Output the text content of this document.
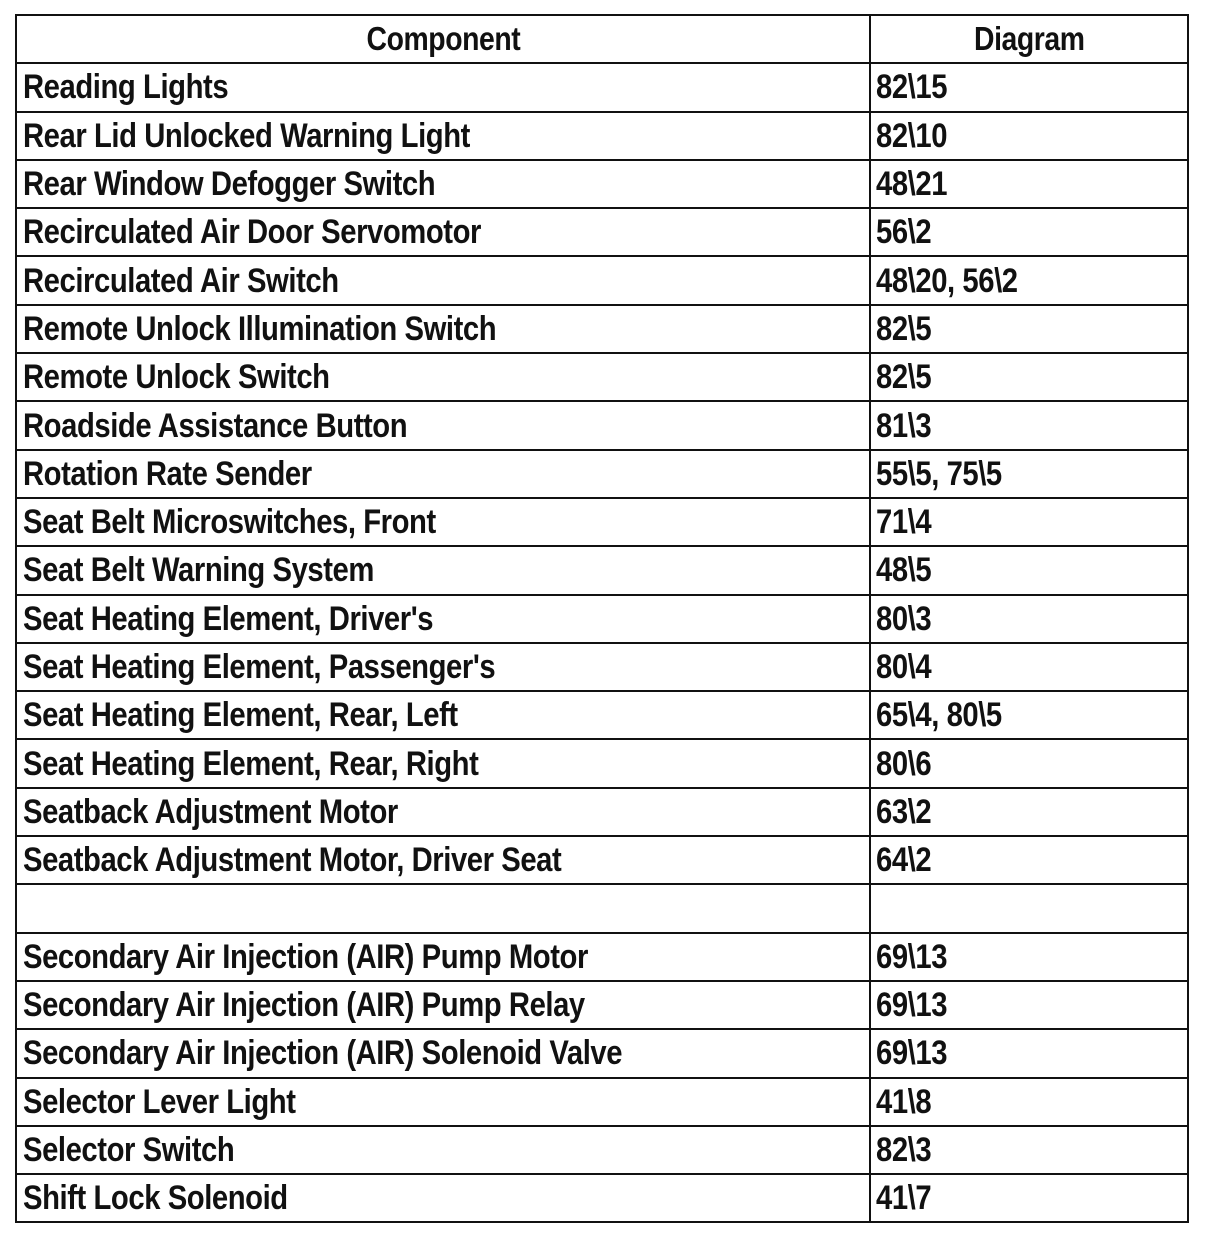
Component	Diagram
Reading Lights	82\15
Rear Lid Unlocked Warning Light	82\10
Rear Window Defogger Switch	48\21
Recirculated Air Door Servomotor	56\2
Recirculated Air Switch	48\20, 56\2
Remote Unlock Illumination Switch	82\5
Remote Unlock Switch	82\5
Roadside Assistance Button	81\3
Rotation Rate Sender	55\5, 75\5
Seat Belt Microswitches, Front	71\4
Seat Belt Warning System	48\5
Seat Heating Element, Driver's	80\3
Seat Heating Element, Passenger's	80\4
Seat Heating Element, Rear, Left	65\4, 80\5
Seat Heating Element, Rear, Right	80\6
Seatback Adjustment Motor	63\2
Seatback Adjustment Motor, Driver Seat	64\2

Secondary Air Injection (AIR) Pump Motor	69\13
Secondary Air Injection (AIR) Pump Relay	69\13
Secondary Air Injection (AIR) Solenoid Valve	69\13
Selector Lever Light	41\8
Selector Switch	82\3
Shift Lock Solenoid	41\7
